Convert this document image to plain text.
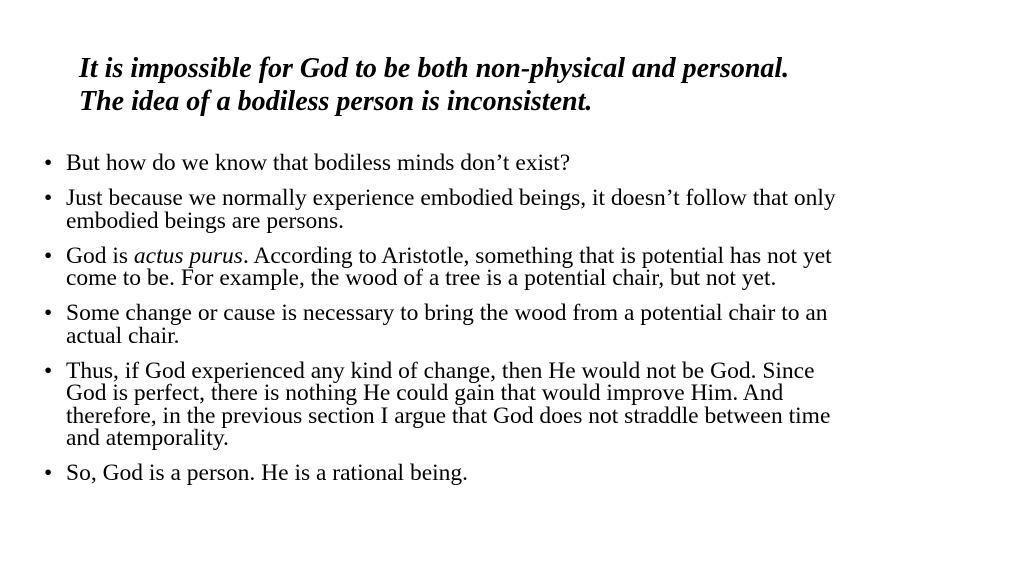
It is impossible for God to be both non-physical and personal.
The idea of a bodiless person is inconsistent.
• But how do we know that bodiless minds don’t exist?
• Just because we normally experience embodied beings, it doesn’t follow that only
embodied beings are persons.
• God is actus purus. According to Aristotle, something that is potential has not yet
come to be. For example, the wood of a tree is a potential chair, but not yet.
• Some change or cause is necessary to bring the wood from a potential chair to an
actual chair.
• Thus, if God experienced any kind of change, then He would not be God. Since
God is perfect, there is nothing He could gain that would improve Him. And
therefore, in the previous section I argue that God does not straddle between time
and atemporality.
• So, God is a person. He is a rational being.
